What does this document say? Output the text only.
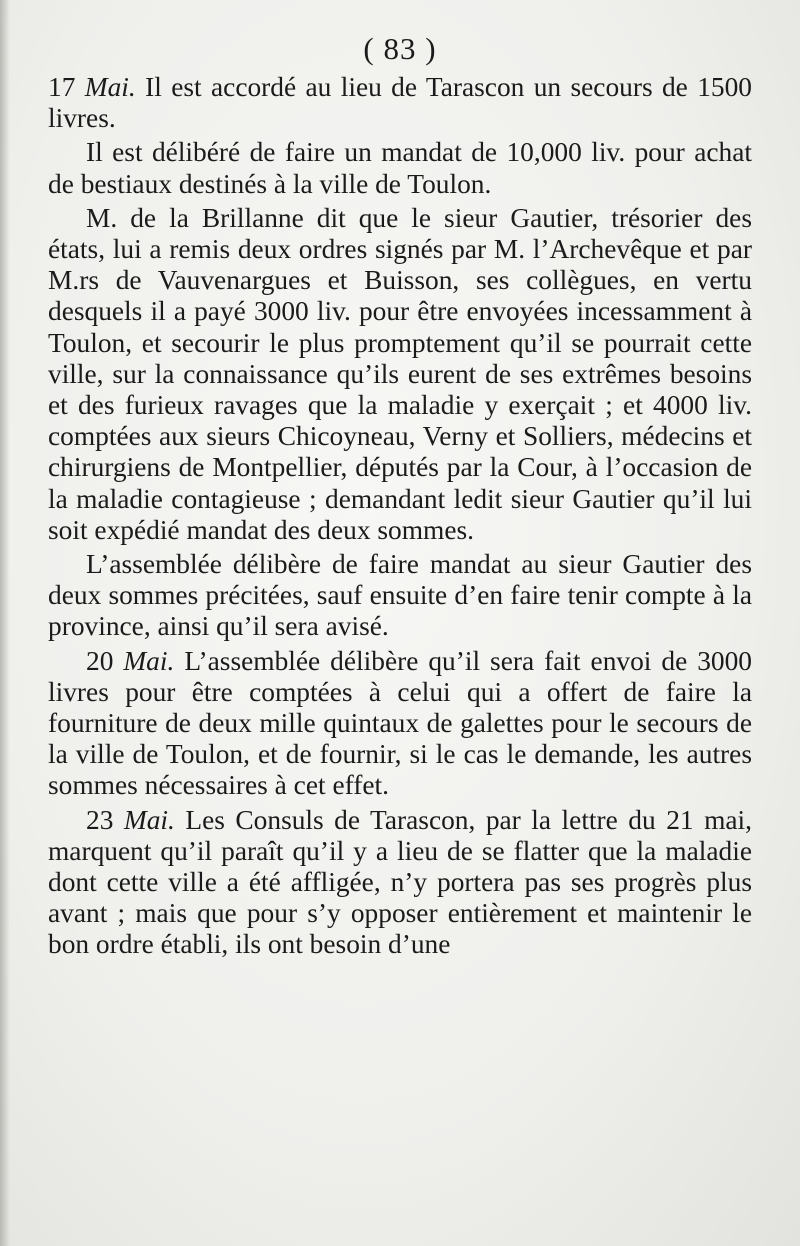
( 83 )

17 Mai. Il est accordé au lieu de Tarascon un secours de 1500 livres.

Il est délibéré de faire un mandat de 10,000 liv. pour achat de bestiaux destinés à la ville de Toulon.

M. de la Brillanne dit que le sieur Gautier, trésorier des états, lui a remis deux ordres signés par M. l’Archevêque et par M.rs de Vauvenargues et Buisson, ses collègues, en vertu desquels il a payé 3000 liv. pour être envoyées incessamment à Toulon, et secourir le plus promptement qu’il se pourrait cette ville, sur la connaissance qu’ils eurent de ses extrêmes besoins et des furieux ravages que la maladie y exerçait ; et 4000 liv. comptées aux sieurs Chicoyneau, Verny et Solliers, médecins et chirurgiens de Montpellier, députés par la Cour, à l’occasion de la maladie contagieuse ; demandant ledit sieur Gautier qu’il lui soit expédié mandat des deux sommes.

L’assemblée délibère de faire mandat au sieur Gautier des deux sommes précitées, sauf ensuite d’en faire tenir compte à la province, ainsi qu’il sera avisé.

20 Mai. L’assemblée délibère qu’il sera fait envoi de 3000 livres pour être comptées à celui qui a offert de faire la fourniture de deux mille quintaux de galettes pour le secours de la ville de Toulon, et de fournir, si le cas le demande, les autres sommes nécessaires à cet effet.

23 Mai. Les Consuls de Tarascon, par la lettre du 21 mai, marquent qu’il paraît qu’il y a lieu de se flatter que la maladie dont cette ville a été affligée, n’y portera pas ses progrès plus avant ; mais que pour s’y opposer entièrement et maintenir le bon ordre établi, ils ont besoin d’une
